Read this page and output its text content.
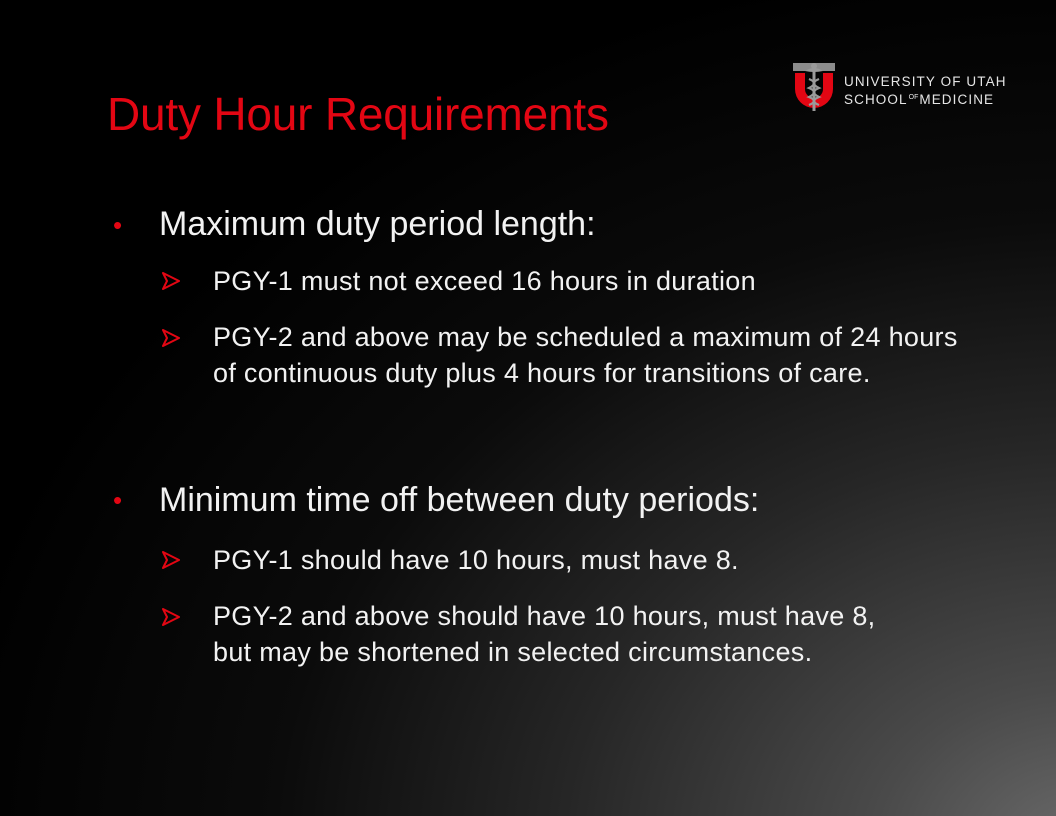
Duty Hour Requirements
UNIVERSITY OF UTAH
$SCHOOL^{OF}MEDICINE$
• Maximum duty period length:
PGY-1 must not exceed 16 hours in duration
PGY-2 and above may be scheduled a maximum of 24 hours of continuous duty plus 4 hours for transitions of care.
• Minimum time off between duty periods:
PGY-1 should have 10 hours, must have 8.
PGY-2 and above should have 10 hours, must have 8, but may be shortened in selected circumstances.
